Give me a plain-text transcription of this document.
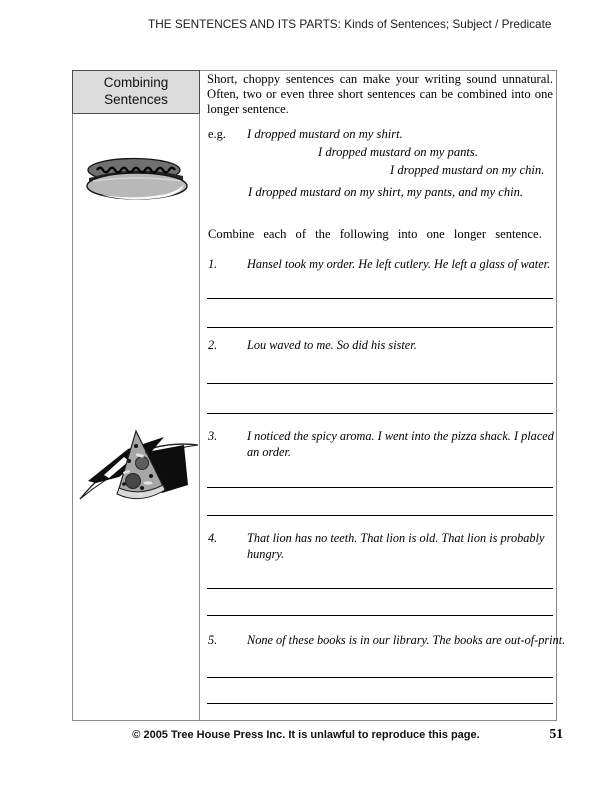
THE SENTENCES AND ITS PARTS: Kinds of Sentences; Subject / Predicate
Combining Sentences

Short, choppy sentences can make your writing sound unnatural. Often, two or even three short sentences can be combined into one longer sentence.

e.g. I dropped mustard on my shirt.
I dropped mustard on my pants.
I dropped mustard on my chin.
I dropped mustard on my shirt, my pants, and my chin.
Combine each of the following into one longer sentence.
1. Hansel took my order. He left cutlery. He left a glass of water.
2. Lou waved to me. So did his sister.
3. I noticed the spicy aroma. I went into the pizza shack. I placed an order.
4. That lion has no teeth. That lion is old. That lion is probably hungry.
5. None of these books is in our library. The books are out-of-print.
© 2005 Tree House Press Inc. It is unlawful to reproduce this page.	51
